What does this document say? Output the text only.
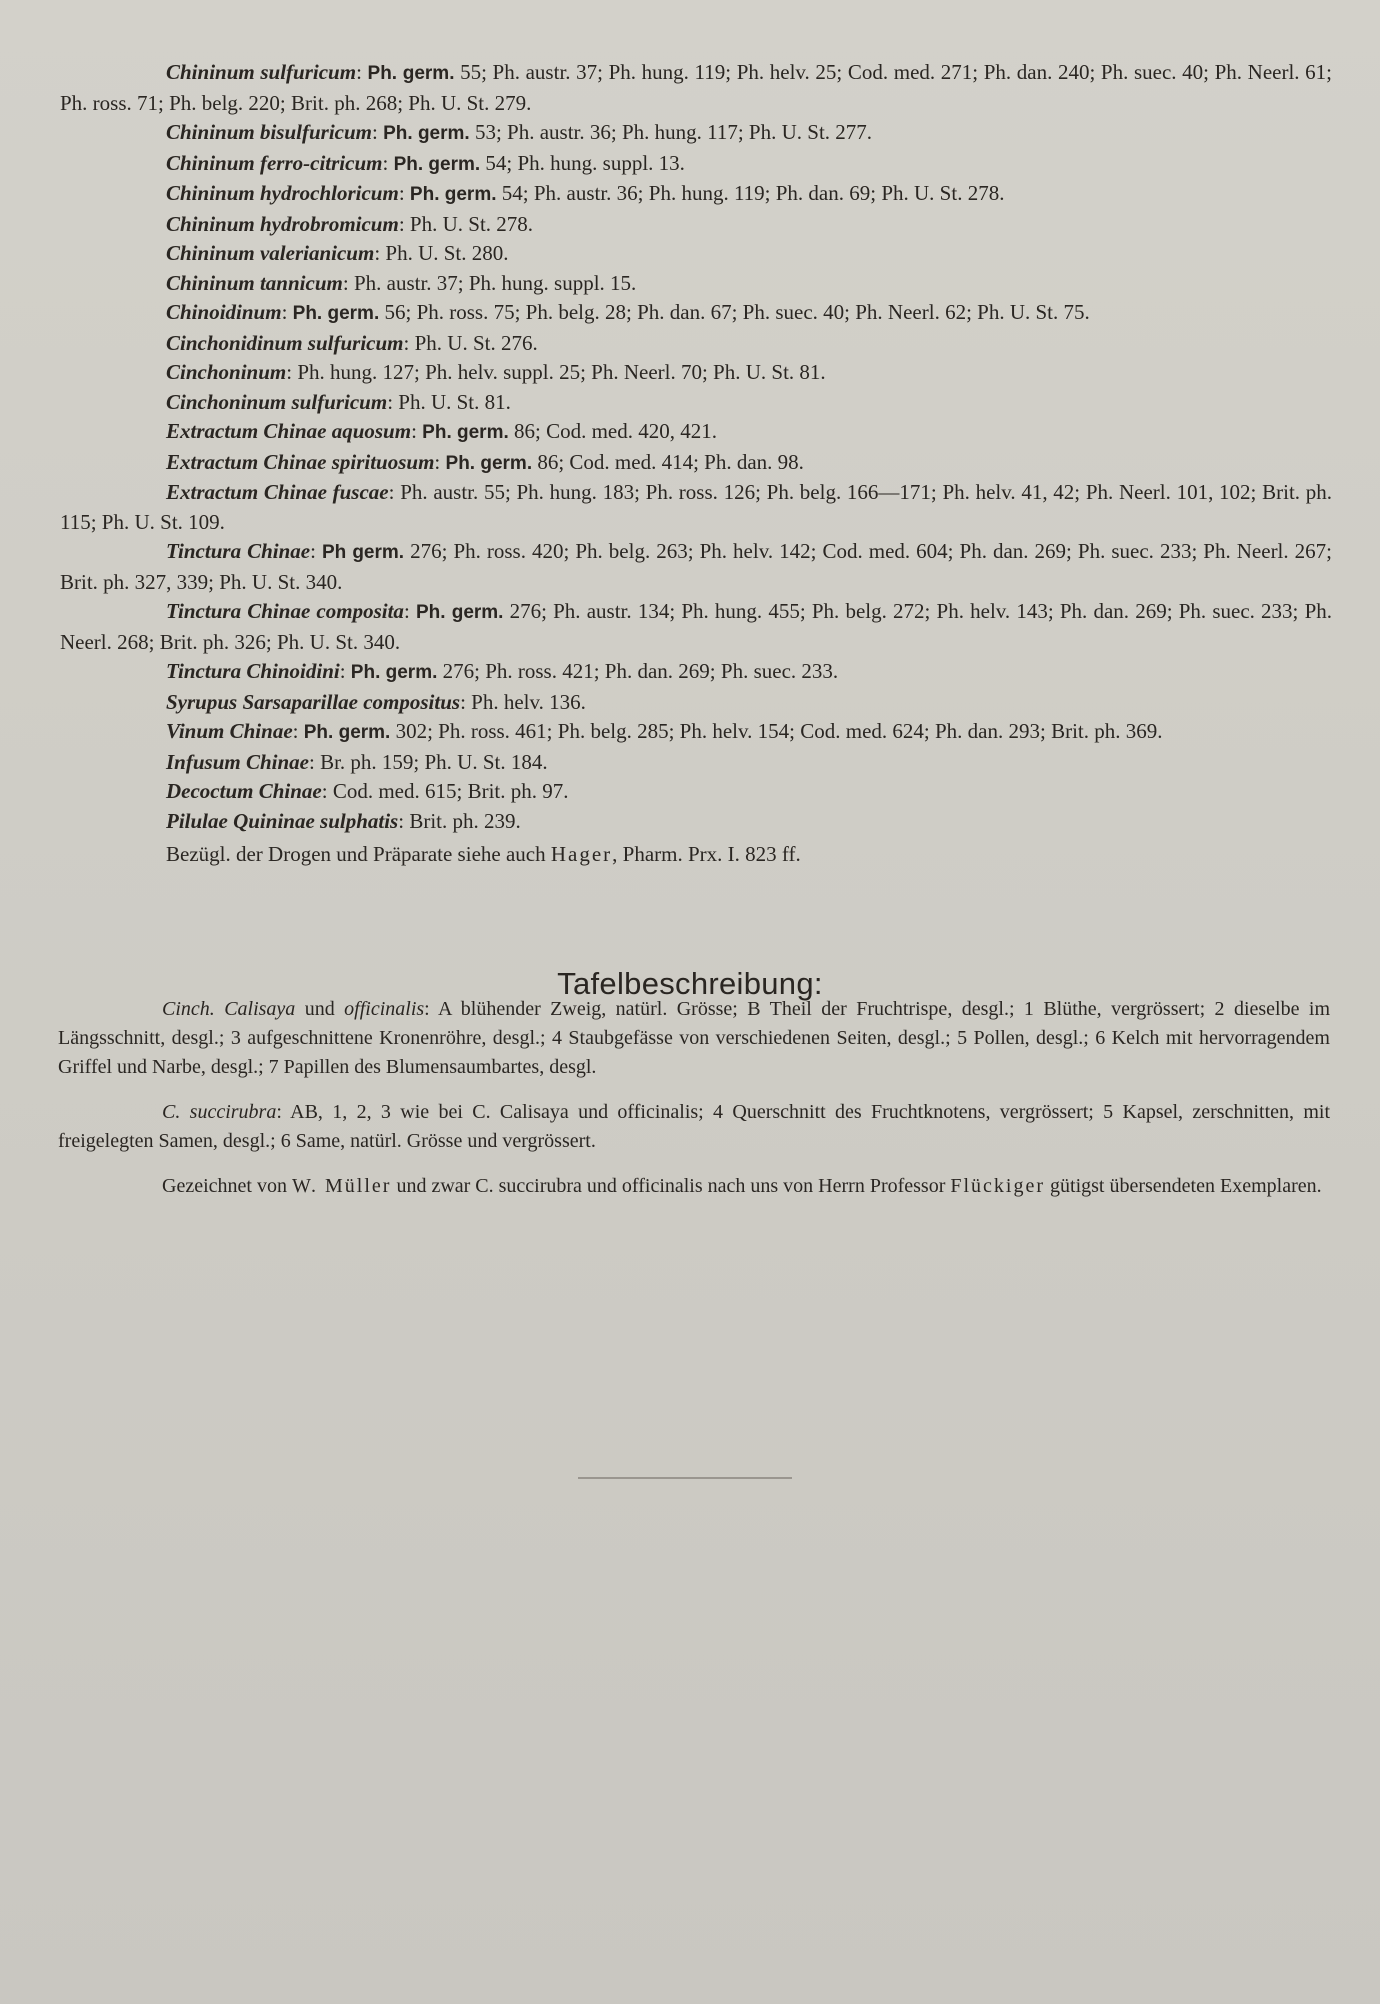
Chininum sulfuricum: Ph. germ. 55; Ph. austr. 37; Ph. hung. 119; Ph. helv. 25; Cod. med. 271; Ph. dan. 240; Ph. suec. 40; Ph. Neerl. 61; Ph. ross. 71; Ph. belg. 220; Brit. ph. 268; Ph. U. St. 279.

Chininum bisulfuricum: Ph. germ. 53; Ph. austr. 36; Ph. hung. 117; Ph. U. St. 277.

Chininum ferro-citricum: Ph. germ. 54; Ph. hung. suppl. 13.

Chininum hydrochloricum: Ph. germ. 54; Ph. austr. 36; Ph. hung. 119; Ph. dan. 69; Ph. U. St. 278.

Chininum hydrobromicum: Ph. U. St. 278.

Chininum valerianicum: Ph. U. St. 280.

Chininum tannicum: Ph. austr. 37; Ph. hung. suppl. 15.

Chinoidinum: Ph. germ. 56; Ph. ross. 75; Ph. belg. 28; Ph. dan. 67; Ph. suec. 40; Ph. Neerl. 62; Ph. U. St. 75.

Cinchonidinum sulfuricum: Ph. U. St. 276.

Cinchoninum: Ph. hung. 127; Ph. helv. suppl. 25; Ph. Neerl. 70; Ph. U. St. 81.

Cinchoninum sulfuricum: Ph. U. St. 81.

Extractum Chinae aquosum: Ph. germ. 86; Cod. med. 420, 421.

Extractum Chinae spirituosum: Ph. germ. 86; Cod. med. 414; Ph. dan. 98.

Extractum Chinae fuscae: Ph. austr. 55; Ph. hung. 183; Ph. ross. 126; Ph. belg. 166—171; Ph. helv. 41, 42; Ph. Neerl. 101, 102; Brit. ph. 115; Ph. U. St. 109.

Tinctura Chinae: Ph germ. 276; Ph. ross. 420; Ph. belg. 263; Ph. helv. 142; Cod. med. 604; Ph. dan. 269; Ph. suec. 233; Ph. Neerl. 267; Brit. ph. 327, 339; Ph. U. St. 340.

Tinctura Chinae composita: Ph. germ. 276; Ph. austr. 134; Ph. hung. 455; Ph. belg. 272; Ph. helv. 143; Ph. dan. 269; Ph. suec. 233; Ph. Neerl. 268; Brit. ph. 326; Ph. U. St. 340.

Tinctura Chinoidini: Ph. germ. 276; Ph. ross. 421; Ph. dan. 269; Ph. suec. 233.

Syrupus Sarsaparillae compositus: Ph. helv. 136.

Vinum Chinae: Ph. germ. 302; Ph. ross. 461; Ph. belg. 285; Ph. helv. 154; Cod. med. 624; Ph. dan. 293; Brit. ph. 369.

Infusum Chinae: Br. ph. 159; Ph. U. St. 184.

Decoctum Chinae: Cod. med. 615; Brit. ph. 97.

Pilulae Quininae sulphatis: Brit. ph. 239.

Bezügl. der Drogen und Präparate siehe auch Hager, Pharm. Prx. I. 823 ff.

Tafelbeschreibung:

Cinch. Calisaya und officinalis: A blühender Zweig, natürl. Grösse; B Theil der Fruchtrispe, desgl.; 1 Blüthe, vergrössert; 2 dieselbe im Längsschnitt, desgl.; 3 aufgeschnittene Kronenröhre, desgl.; 4 Staubgefässe von verschiedenen Seiten, desgl.; 5 Pollen, desgl.; 6 Kelch mit hervorragendem Griffel und Narbe, desgl.; 7 Papillen des Blumensaumbartes, desgl.

C. succirubra: AB, 1, 2, 3 wie bei C. Calisaya und officinalis; 4 Querschnitt des Fruchtknotens, vergrössert; 5 Kapsel, zerschnitten, mit freigelegten Samen, desgl.; 6 Same, natürl. Grösse und vergrössert.

Gezeichnet von W. Müller und zwar C. succirubra und officinalis nach uns von Herrn Professor Flückiger gütigst übersendeten Exemplaren.
